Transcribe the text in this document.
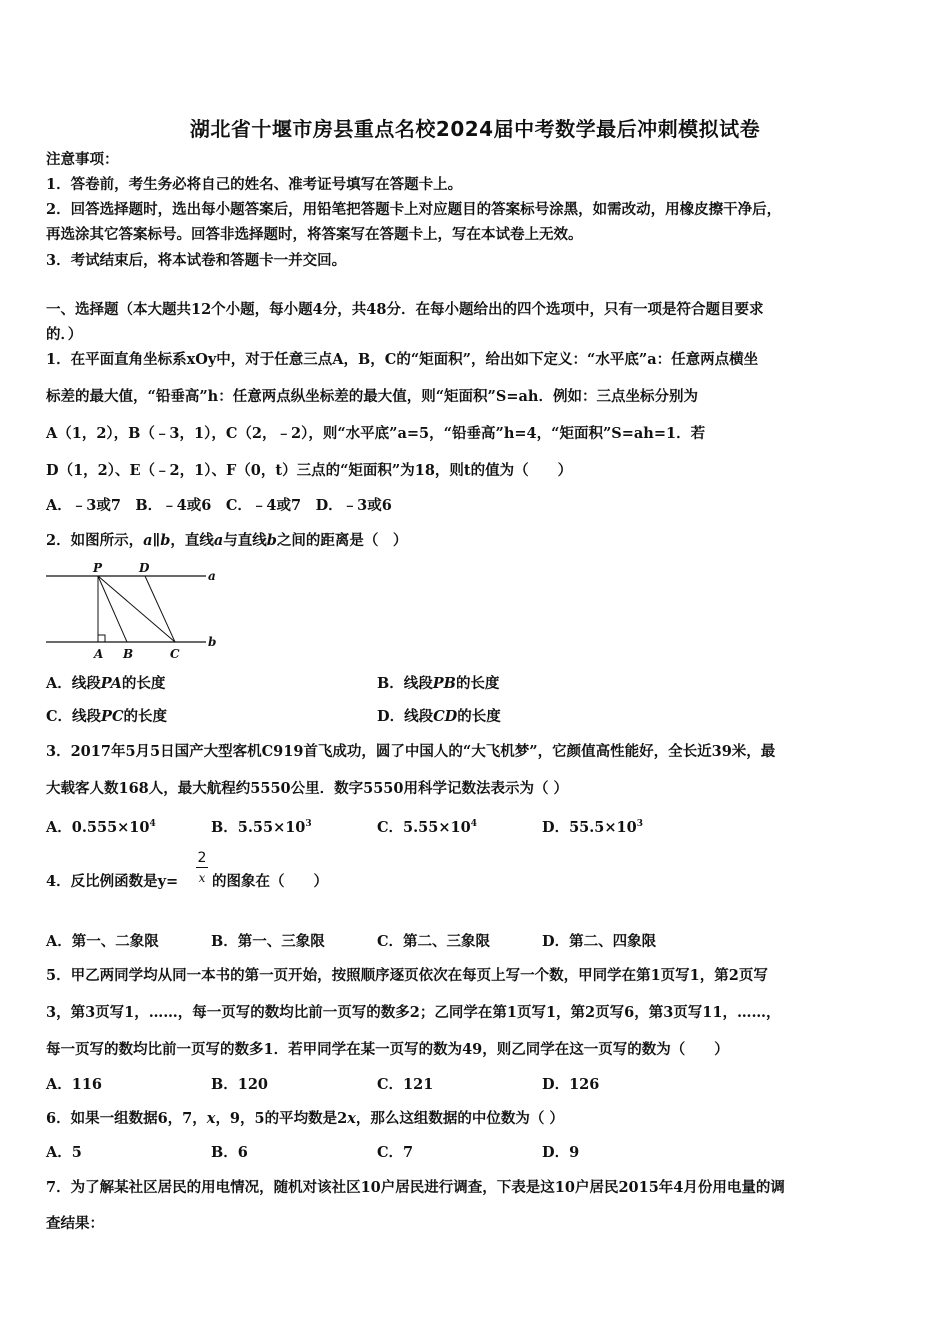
湖北省十堰市房县重点名校2024届中考数学最后冲刺模拟试卷
注意事项：
1．答卷前，考生务必将自己的姓名、准考证号填写在答题卡上。
2．回答选择题时，选出每小题答案后，用铅笔把答题卡上对应题目的答案标号涂黑，如需改动，用橡皮擦干净后，
再选涂其它答案标号。回答非选择题时，将答案写在答题卡上，写在本试卷上无效。
3．考试结束后，将本试卷和答题卡一并交回。
一、选择题（本大题共12个小题，每小题4分，共48分．在每小题给出的四个选项中，只有一项是符合题目要求
的．）
1．在平面直角坐标系xOy中，对于任意三点A，B，C的“矩面积”，给出如下定义：“水平底”a：任意两点横坐
标差的最大值，“铅垂高”h：任意两点纵坐标差的最大值，则“矩面积”S=ah．例如：三点坐标分别为
A（1，2），B（﹣3，1），C（2，﹣2），则“水平底”a=5，“铅垂高”h=4，“矩面积”S=ah=1．若
D（1，2）、E（﹣2，1）、F（0，t）三点的“矩面积”为18，则t的值为（　　）
A．﹣3或7　B．﹣4或6　C．﹣4或7　D．﹣3或6
2．如图所示，a∥b，直线a与直线b之间的距离是（　）
P	D
a
b
A B	C
A．线段PA的长度	B．线段PB的长度
C．线段PC的长度	D．线段CD的长度
3．2017年5月5日国产大型客机C919首飞成功，圆了中国人的“大飞机梦”，它颜值高性能好，全长近39米，最
大载客人数168人，最大航程约5550公里．数字5550用科学记数法表示为（ ）
A．$0.555\times 10^4$	B．$5.55\times 10^3$	C．$5.55\times 10^4$	D．$55.5\times 10^3$
4．反比例函数是y=
2
x 的图象在（　　）
A．第一、二象限	B．第一、三象限	C．第二、三象限	D．第二、四象限
5．甲乙两同学均从同一本书的第一页开始，按照顺序逐页依次在每页上写一个数，甲同学在第1页写1，第2页写
3，第3页写1，……，每一页写的数均比前一页写的数多2；乙同学在第1页写1，第2页写6，第3页写11，……，
每一页写的数均比前一页写的数多1．若甲同学在某一页写的数为49，则乙同学在这一页写的数为（　　）
A．116	B．120	C．121	D．126
6．如果一组数据6，7，x，9，5的平均数是2x，那么这组数据的中位数为（ ）
A．5	B．6	C．7	D．9
7．为了解某社区居民的用电情况，随机对该社区10户居民进行调查，下表是这10户居民2015年4月份用电量的调
查结果：
